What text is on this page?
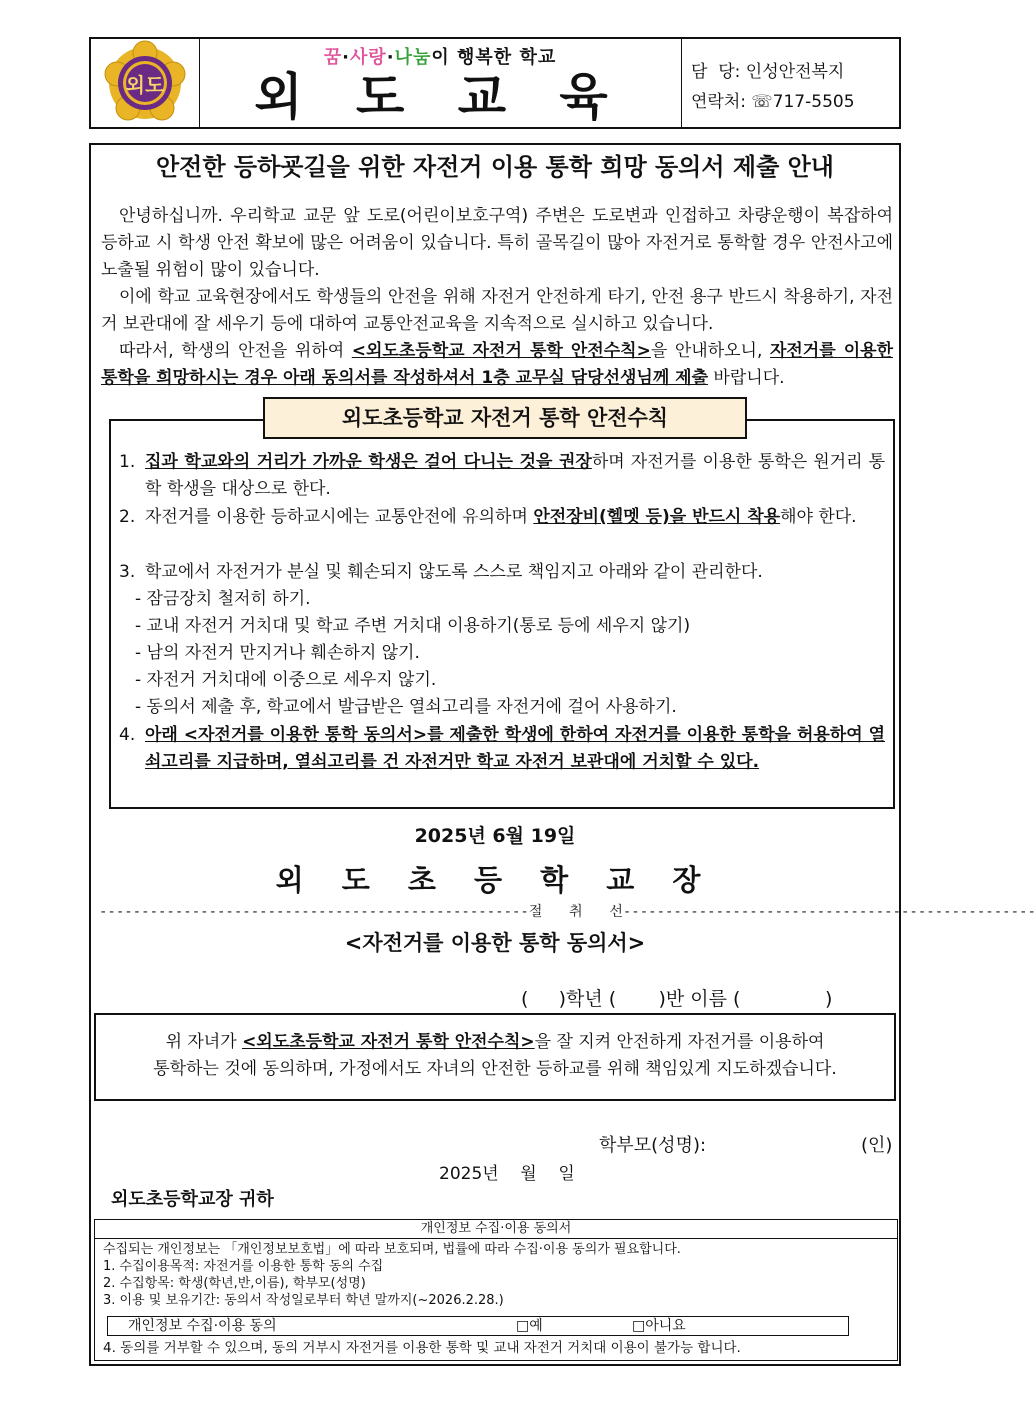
외도
꿈·사랑·나눔이 행복한 학교
외 도 교 육	담  당: 인성안전복지
연락처: ☏717-5505
안전한 등하굣길을 위한 자전거 이용 통학 희망 동의서 제출 안내
안녕하십니까. 우리학교 교문 앞 도로(어린이보호구역) 주변은 도로변과 인접하고 차량운행이 복잡하여 등하교 시 학생 안전 확보에 많은 어려움이 있습니다. 특히 골목길이 많아 자전거로 통학할 경우 안전사고에 노출될 위험이 많이 있습니다.
이에 학교 교육현장에서도 학생들의 안전을 위해 자전거 안전하게 타기, 안전 용구 반드시 착용하기, 자전거 보관대에 잘 세우기 등에 대하여 교통안전교육을 지속적으로 실시하고 있습니다.
따라서, 학생의 안전을 위하여 <외도초등학교 자전거 통학 안전수칙>을 안내하오니, 자전거를 이용한 통학을 희망하시는 경우 아래 동의서를 작성하셔서 1층 교무실 담당선생님께 제출 바랍니다.
1. 집과 학교와의 거리가 가까운 학생은 걸어 다니는 것을 권장하며 자전거를 이용한 통학은 원거리 통학 학생을 대상으로 한다.
2. 자전거를 이용한 등하교시에는 교통안전에 유의하며 안전장비(헬멧 등)을 반드시 착용해야 한다.
3. 학교에서 자전거가 분실 및 훼손되지 않도록 스스로 책임지고 아래와 같이 관리한다.
- 잠금장치 철저히 하기.
- 교내 자전거 거치대 및 학교 주변 거치대 이용하기(통로 등에 세우지 않기)
- 남의 자전거 만지거나 훼손하지 않기.
- 자전거 거치대에 이중으로 세우지 않기.
- 동의서 제출 후, 학교에서 발급받은 열쇠고리를 자전거에 걸어 사용하기.
4. 아래 <자전거를 이용한 통학 동의서>를 제출한 학생에 한하여 자전거를 이용한 통학을 허용하여 열쇠고리를 지급하며, 열쇠고리를 건 자전거만 학교 자전거 보관대에 거치할 수 있다.
외도초등학교 자전거 통학 안전수칙
2025년 6월 19일
외 도 초 등 학 교 장
---------------------------------------------------절      취      선-------------------------------------------------
<자전거를 이용한 통학 동의서>
(     )학년 (       )반 이름 (              )
위 자녀가 <외도초등학교 자전거 통학 안전수칙>을 잘 지켜 안전하게 자전거를 이용하여
통학하는 것에 동의하며, 가정에서도 자녀의 안전한 등하교를 위해 책임있게 지도하겠습니다.
학부모(성명):	(인)
2025년    월    일
외도초등학교장 귀하
개인정보 수집·이용 동의서
수집되는 개인정보는 「개인정보보호법」에 따라 보호되며, 법률에 따라 수집·이용 동의가 필요합니다.
1. 수집이용목적: 자전거를 이용한 통학 동의 수집
2. 수집항목: 학생(학년,반,이름), 학부모(성명)
3. 이용 및 보유기간: 동의서 작성일로부터 학년 말까지(~2026.2.28.)
개인정보 수집·이용 동의	□예	□아니요
4. 동의를 거부할 수 있으며, 동의 거부시 자전거를 이용한 통학 및 교내 자전거 거치대 이용이 불가능 합니다.
